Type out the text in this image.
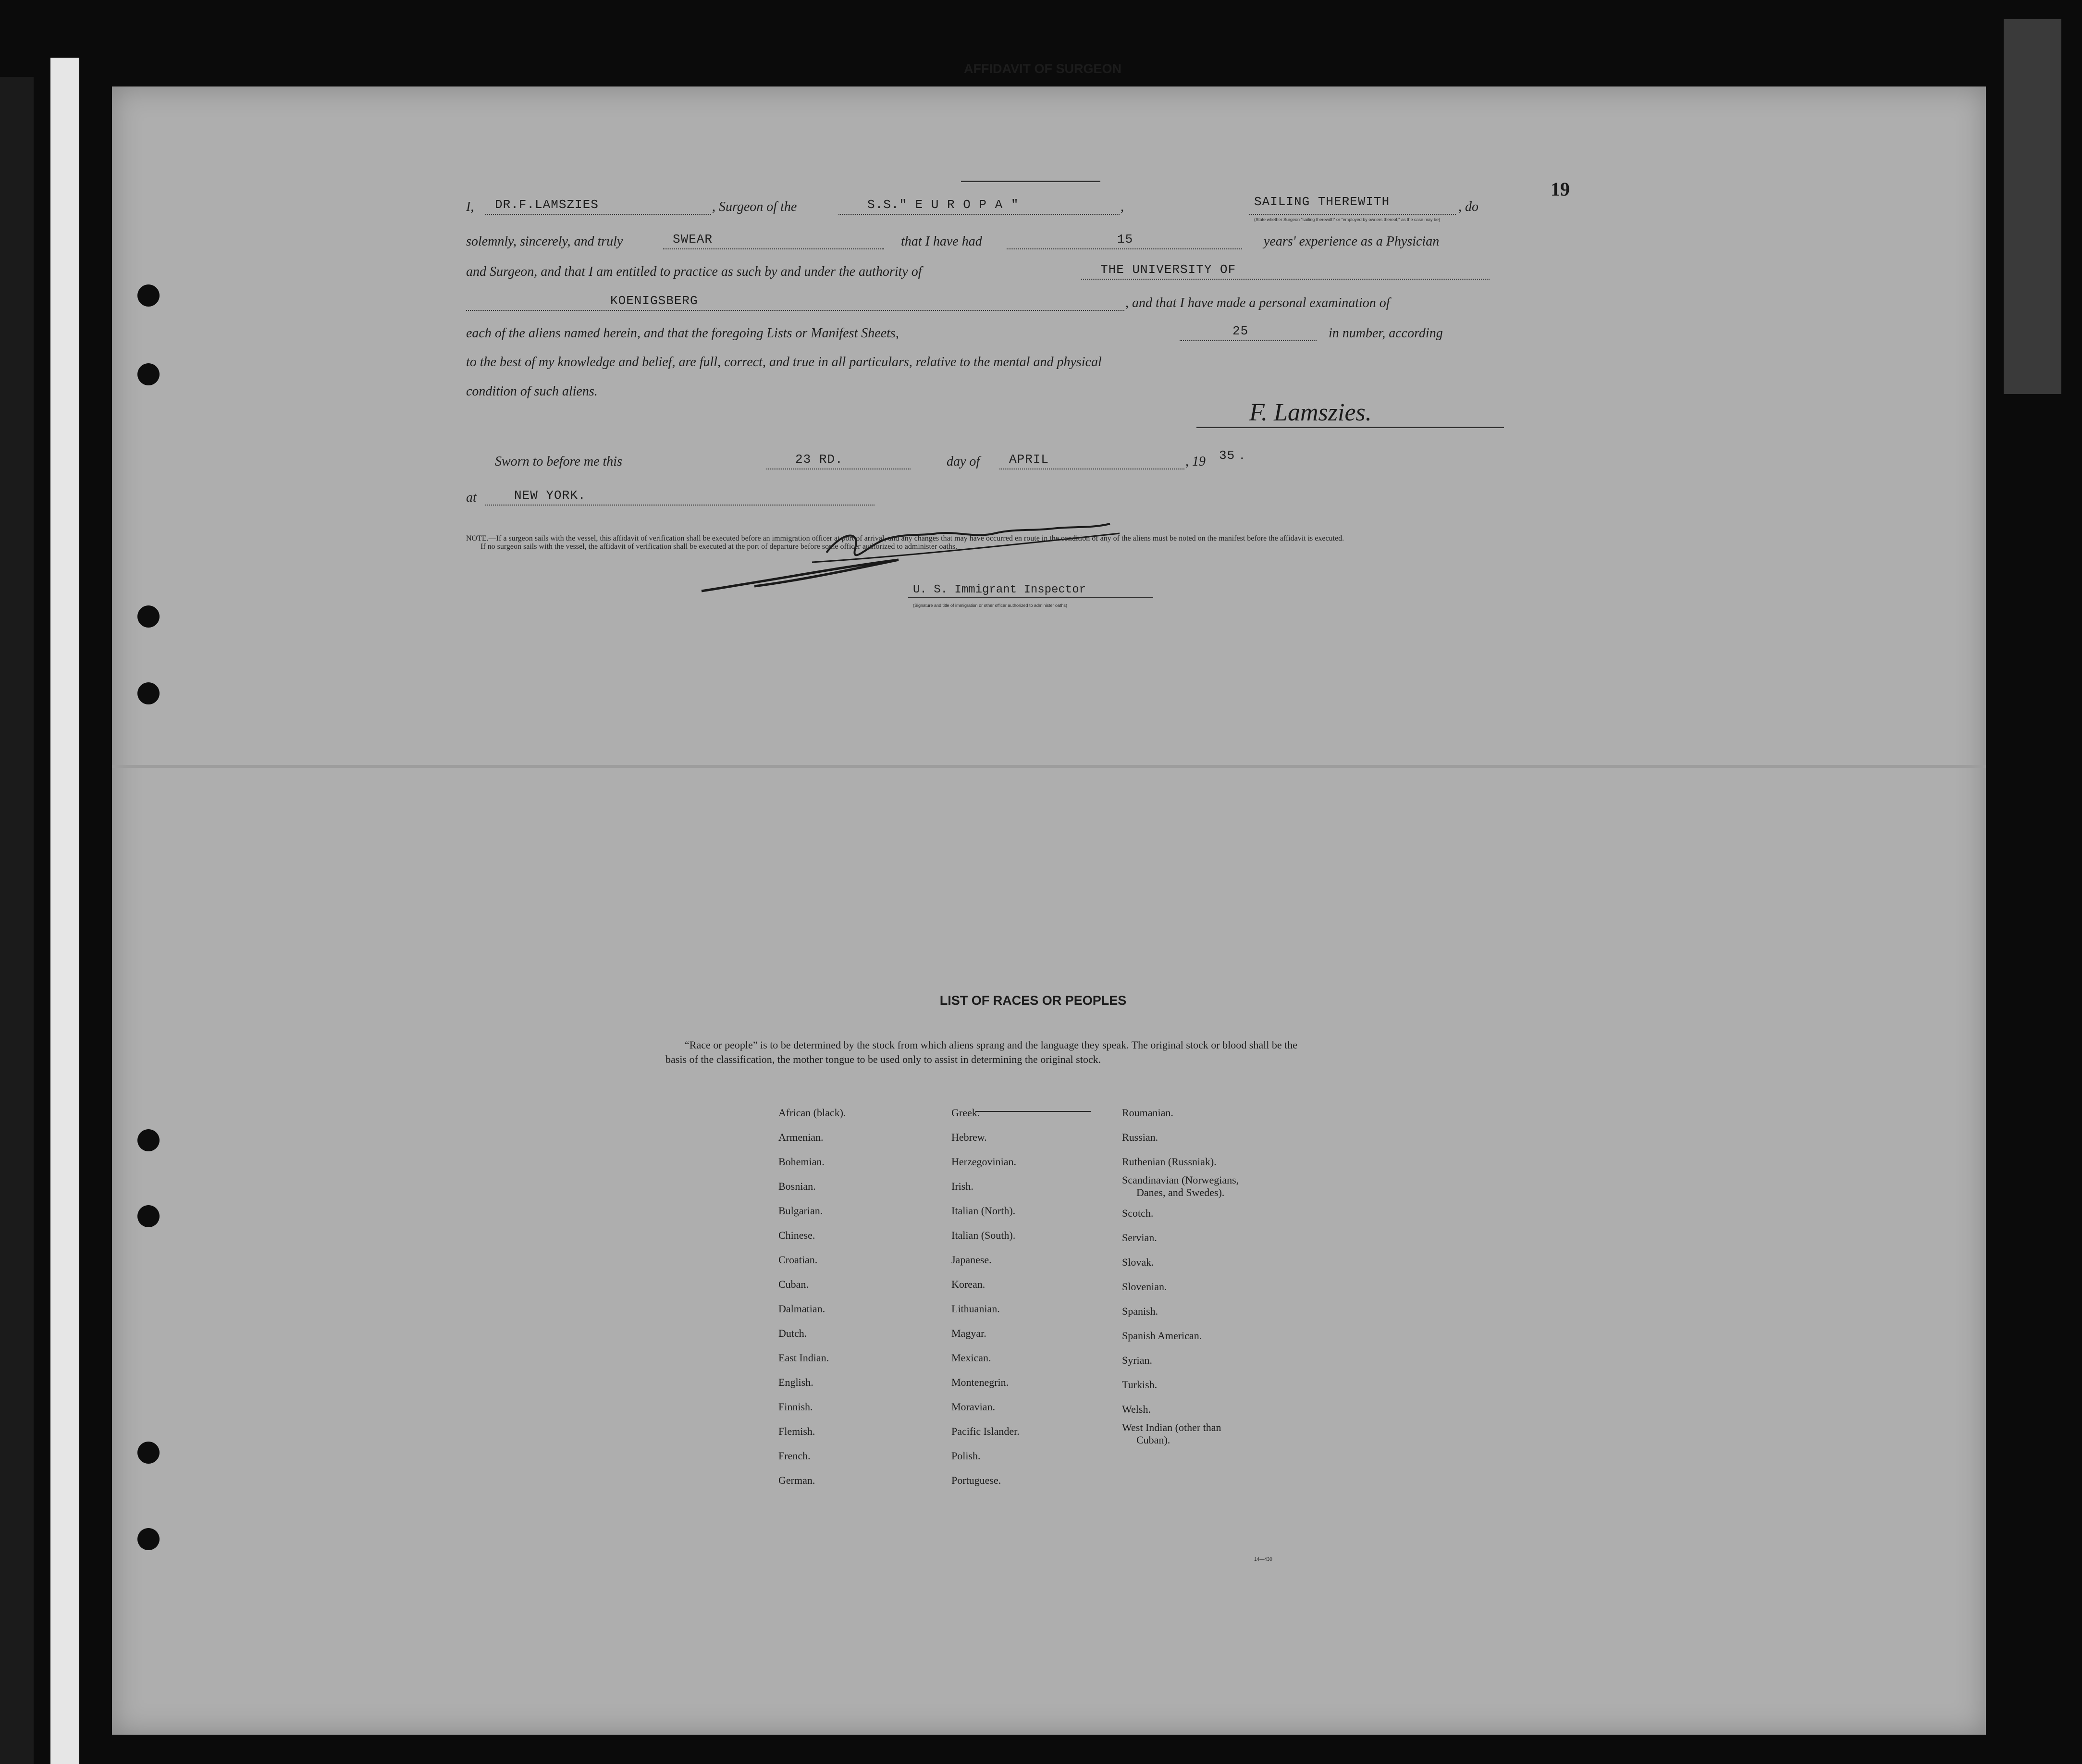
19
AFFIDAVIT OF SURGEON
I, DR.F.LAMSZIES	, Surgeon of the	S.S." E U R O P A "	,	SAILING THEREWITH	, do
(State whether Surgeon "sailing therewith" or "employed by owners thereof," as the case may be)
solemnly, sincerely, and truly	SWEAR	that I have had	15	years' experience as a Physician
and Surgeon, and that I am entitled to practice as such by and under the authority of	THE UNIVERSITY OF
KOENIGSBERG	, and that I have made a personal examination of
each of the aliens named herein, and that the foregoing Lists or Manifest Sheets,	25	in number, according
to the best of my knowledge and belief, are full, correct, and true in all particulars, relative to the mental and physical
condition of such aliens.
F. Lamszies.
Sworn to before me this	23 RD.	day of APRIL	, 19 35 .
at	NEW YORK.
U. S. Immigrant Inspector
(Signature and title of immigration or other officer authorized to administer oaths)

NOTE.—If a surgeon sails with the vessel, this affidavit of verification shall be executed before an immigration officer at port of arrival, and any changes that may have occurred en route in the condition of any of the aliens must be noted on the manifest before the affidavit is executed.

If no surgeon sails with the vessel, the affidavit of verification shall be executed at the port of departure before some officer authorized to administer oaths.

LIST OF RACES OR PEOPLES
“Race or people” is to be determined by the stock from which aliens sprang and the language they speak. The original stock or blood shall be the basis of the classification, the mother tongue to be used only to assist in determining the original stock.
African (black).
Armenian.
Bohemian.
Bosnian.
Bulgarian.
Chinese.
Croatian.
Cuban.
Dalmatian.
Dutch.
East Indian.
English.
Finnish.
Flemish.
French.
German.
Greek.
Hebrew.
Herzegovinian.
Irish.
Italian (North).
Italian (South).
Japanese.
Korean.
Lithuanian.
Magyar.
Mexican.
Montenegrin.
Moravian.
Pacific Islander.
Polish.
Portuguese.
Roumanian.
Russian.
Ruthenian (Russniak).
Scandinavian (Norwegians,
Danes, and Swedes).
Scotch.
Servian.
Slovak.
Slovenian.
Spanish.
Spanish American.
Syrian.
Turkish.
Welsh.
West Indian (other than
Cuban).
14—430
